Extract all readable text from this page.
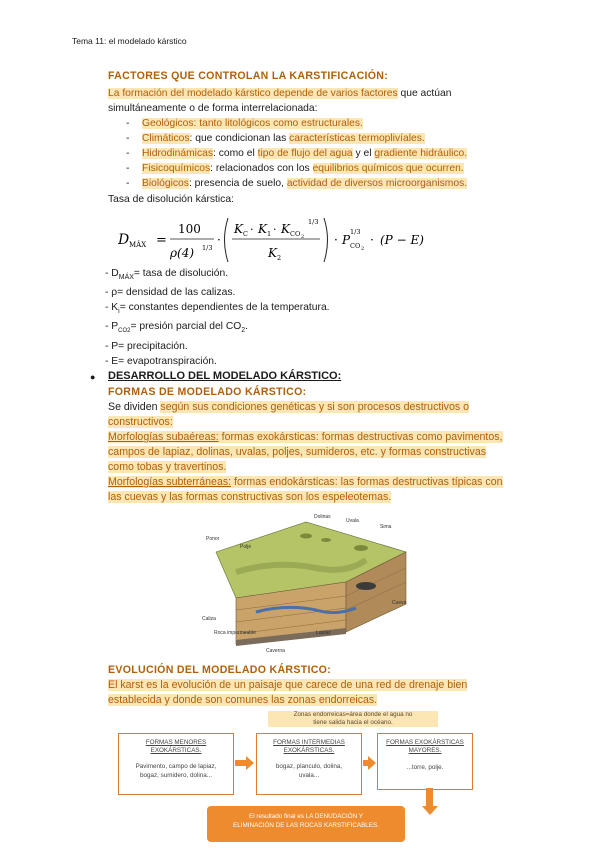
Tema 11: el modelado kárstico
FACTORES QUE CONTROLAN LA KARSTIFICACIÓN:
La formación del modelado kárstico depende de varios factores que actúan
simultáneamente o de forma interrelacionada:
- Geológicos: tanto litológicos como estructurales.
- Climáticos: que condicionan las características termoplivíales.
- Hidrodinámicas: como el tipo de flujo del agua y el gradiente hidráulico.
- Fisicoquímicos: relacionados con los equilibrios químicos que ocurren.
- Biológicos: presencia de suelo, actividad de diversos microorganismos.
Tasa de disolución kárstica:
D MÁX =
100
ρ(4) 1/3
·
K C · K 1 · K CO 2
1/3
K 2
· P
1/3
CO 2
· (P − E)
- $D_{MÁX}=$ tasa de disolución.
- ρ= densidad de las calizas.
- $K_i=$ constantes dependientes de la temperatura.
- $P_{CO2}=$ presión parcial del $CO_2$.
- P= precipitación.
- E= evapotranspiración.
● DESARROLLO DEL MODELADO KÁRSTICO:
FORMAS DE MODELADO KÁRSTICO:
Se dividen según sus condiciones genéticas y si son procesos destructivos o
constructivos:
Morfologías subaéreas: formas exokársticas: formas destructivas como pavimentos,
campos de lapiaz, dolinas, uvalas, poljes, sumideros, etc. y formas constructivas
como tobas y travertinos.
Morfologías subterráneas: formas endokársticas: las formas destructivas típicas con
las cuevas y las formas constructivas son los espeleotemas.
Dolinas
Uvala
Sima
Ponor
Polje
Cueva
Caliza
Roca impermeable	Lapiaz
Caverna
EVOLUCIÓN DEL MODELADO KÁRSTICO:
El karst es la evolución de un paisaje que carece de una red de drenaje bien
establecida y donde son comunes las zonas endorreicas.
Zonas endorreicas=área donde el agua no
tiene salida hacia el océano.
FORMAS MENORES
EXOKÁRSTICAS.
Pavimento, campo de lapiaz,
bogaz, sumidero, dolina...
FORMAS INTERMEDIAS
EXOKÁRSTICAS.
bogaz, planculo, dolina,
uvala...
FORMAS EXOKÁRSTICAS
MAYORES.
...torre, polje.
El resultado final es LA DENUDACIÓN Y
ELIMINACIÓN DE LAS ROCAS KARSTIFICABLES.
